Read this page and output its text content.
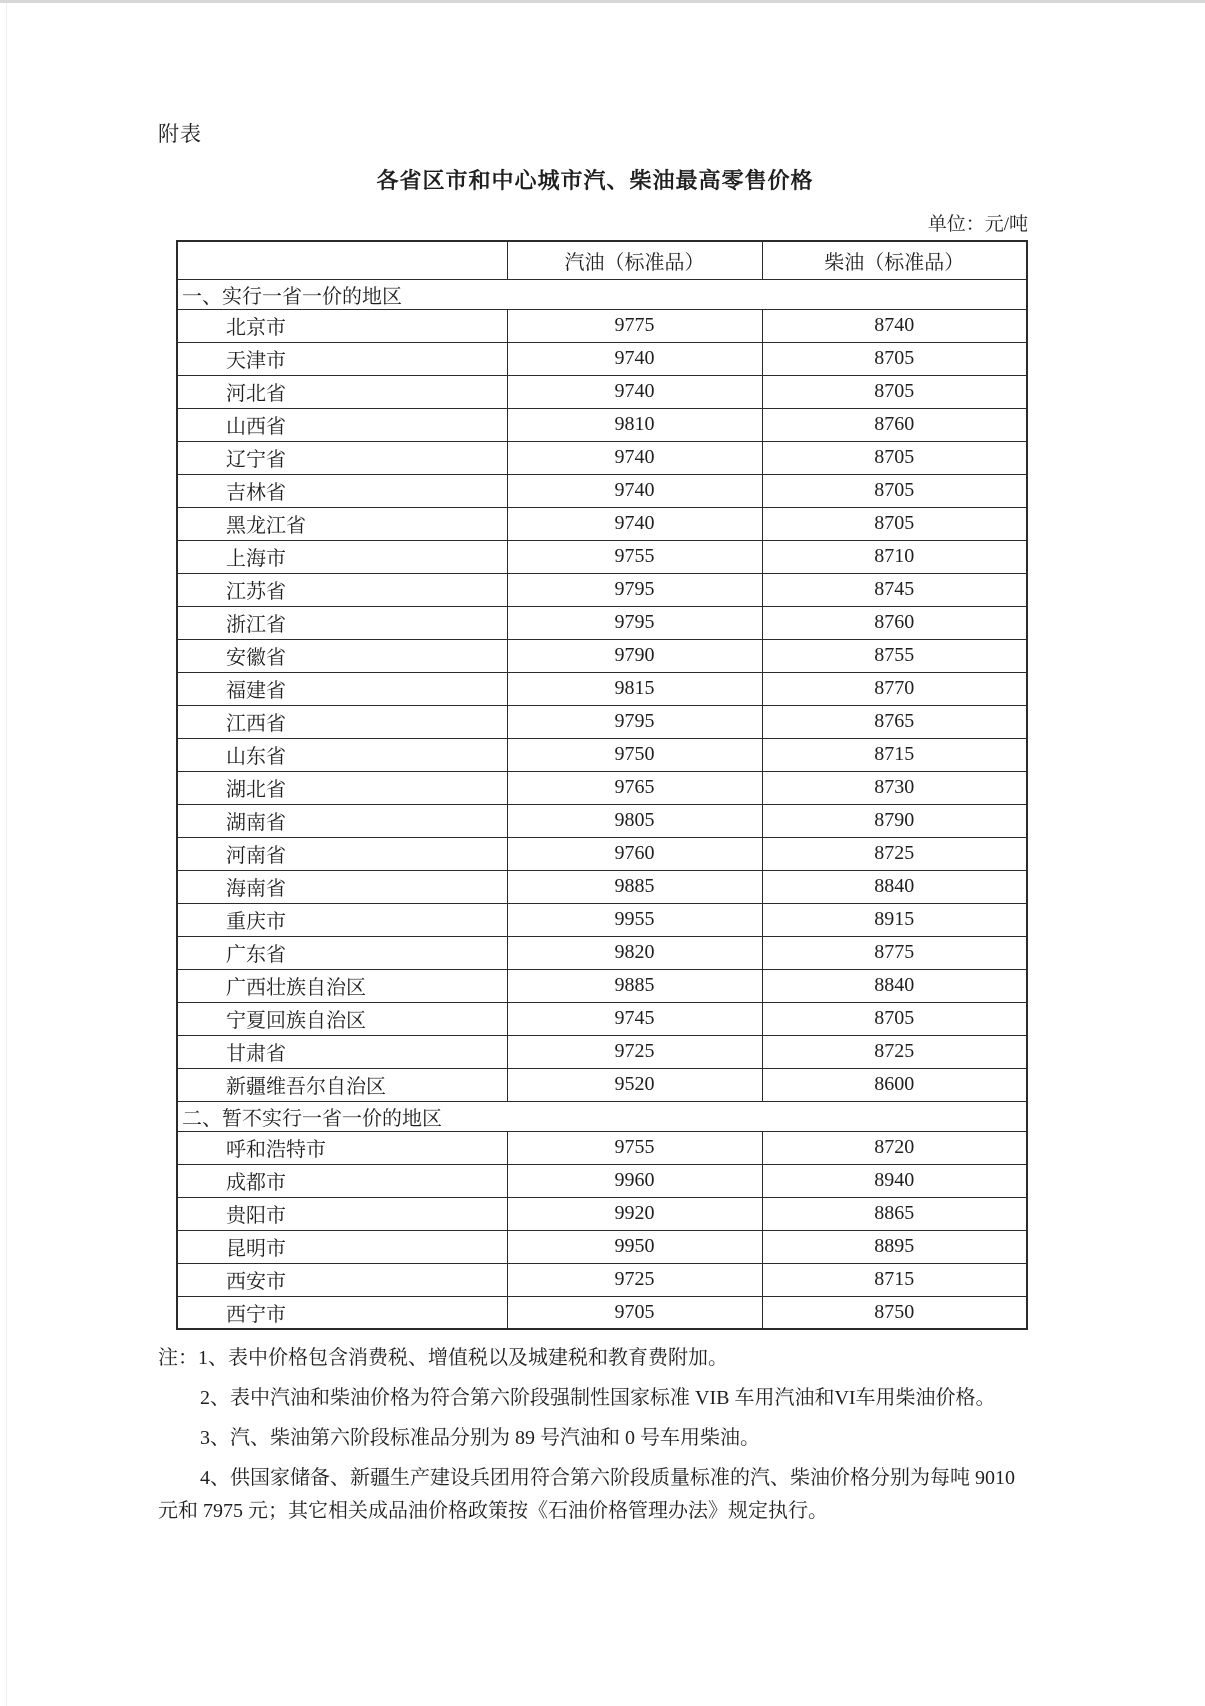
附表
各省区市和中心城市汽、柴油最高零售价格
单位：元/吨
	汽油（标准品）	柴油（标准品）
一、实行一省一价的地区		
北京市	9775	8740
天津市	9740	8705
河北省	9740	8705
山西省	9810	8760
辽宁省	9740	8705
吉林省	9740	8705
黑龙江省	9740	8705
上海市	9755	8710
江苏省	9795	8745
浙江省	9795	8760
安徽省	9790	8755
福建省	9815	8770
江西省	9795	8765
山东省	9750	8715
湖北省	9765	8730
湖南省	9805	8790
河南省	9760	8725
海南省	9885	8840
重庆市	9955	8915
广东省	9820	8775
广西壮族自治区	9885	8840
宁夏回族自治区	9745	8705
甘肃省	9725	8725
新疆维吾尔自治区	9520	8600
二、暂不实行一省一价的地区		
呼和浩特市	9755	8720
成都市	9960	8940
贵阳市	9920	8865
昆明市	9950	8895
西安市	9725	8715
西宁市	9705	8750

注：1、表中价格包含消费税、增值税以及城建税和教育费附加。

2、表中汽油和柴油价格为符合第六阶段强制性国家标准 VIB 车用汽油和VI车用柴油价格。

3、汽、柴油第六阶段标准品分别为 89 号汽油和 0 号车用柴油。

4、供国家储备、新疆生产建设兵团用符合第六阶段质量标准的汽、柴油价格分别为每吨 9010 元和 7975 元；其它相关成品油价格政策按《石油价格管理办法》规定执行。
